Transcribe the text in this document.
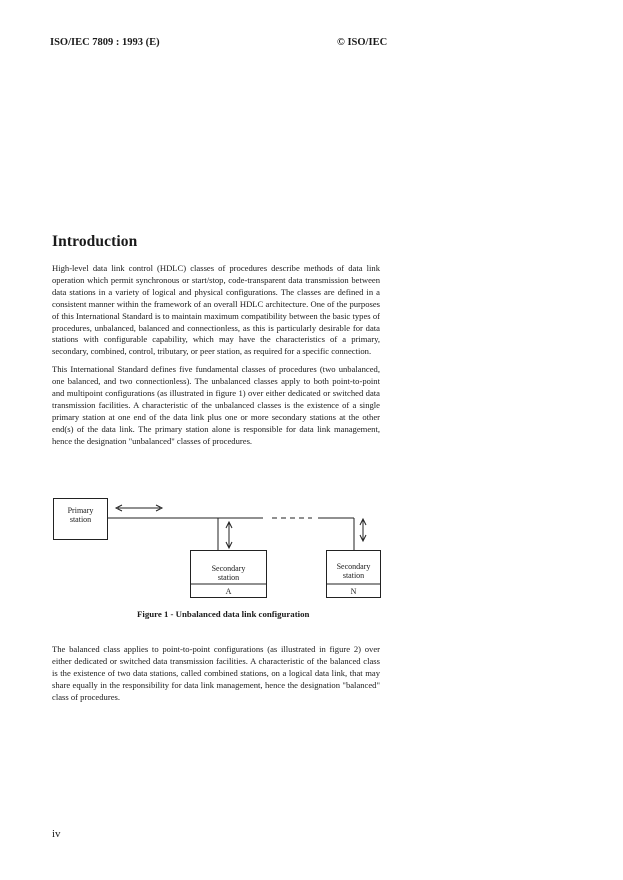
ISO/IEC 7809 : 1993 (E)	© ISO/IEC
Introduction

High-level data link control (HDLC) classes of procedures describe methods of data link operation which permit synchronous or start/stop, code-transparent data transmission between data stations in a variety of logical and physical configurations. The classes are defined in a consistent manner within the framework of an overall HDLC architecture. One of the purposes of this International Standard is to maintain maximum compatibility between the basic types of procedures, unbalanced, balanced and connectionless, as this is particularly desirable for data stations with configurable capability, which may have the characteristics of a primary, secondary, combined, control, tributary, or peer station, as required for a specific connection.

This International Standard defines five fundamental classes of procedures (two unbalanced, one balanced, and two connectionless). The unbalanced classes apply to both point-to-point and multipoint configurations (as illustrated in figure 1) over either dedicated or switched data transmission facilities. A characteristic of the unbalanced classes is the existence of a single primary station at one end of the data link plus one or more secondary stations at the other end(s) of the data link. The primary station alone is responsible for data link management, hence the designation "unbalanced" classes of procedures.

Primary
station
Secondary
station
A
Secondary
station
N
Figure 1 - Unbalanced data link configuration

The balanced class applies to point-to-point configurations (as illustrated in figure 2) over either dedicated or switched data transmission facilities. A characteristic of the balanced class is the existence of two data stations, called combined stations, on a logical data link, that may share equally in the responsibility for data link management, hence the designation "balanced" class of procedures.

iv
